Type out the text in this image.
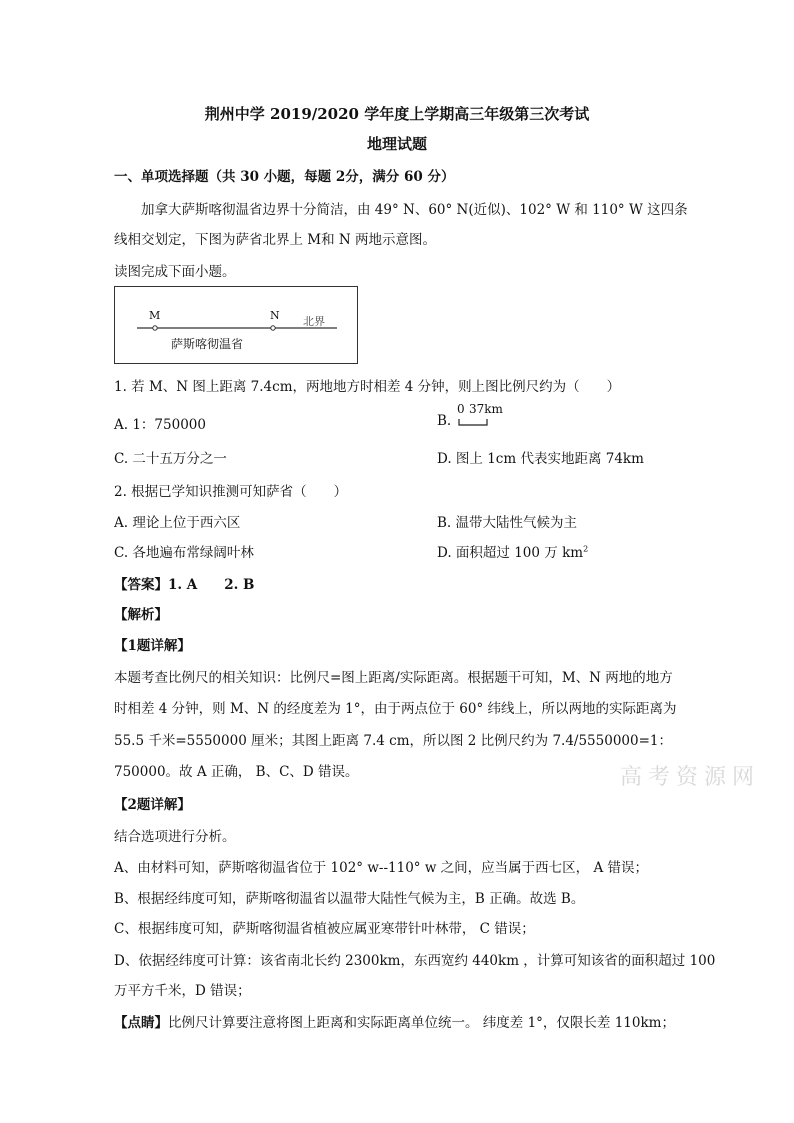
荆州中学 2019/2020 学年度上学期高三年级第三次考试
地理试题
一、单项选择题（共 30 小题，每题 2分，满分 60 分）
加拿大萨斯喀彻温省边界十分简洁，由 49° N、60° N(近似)、102° W 和 110° W 这四条
线相交划定，下图为萨省北界上 M和 N 两地示意图。
读图完成下面小题。
M	N 北界
萨斯喀彻温省
1. 若 M、N 图上距离 7.4cm，两地地方时相差 4 分钟，则上图比例尺约为（　　）
A. 1：750000	B.
0 37km
C. 二十五万分之一	D. 图上 1cm 代表实地距离 74km
2. 根据已学知识推测可知萨省（　　）
A. 理论上位于西六区	B. 温带大陆性气候为主
C. 各地遍布常绿阔叶林	D. 面积超过 100 万 $km^2$
【答案】1. A　　2. B
【解析】
【1题详解】
本题考查比例尺的相关知识：比例尺=图上距离/实际距离。根据题干可知，M、N 两地的地方
时相差 4 分钟，则 M、N 的经度差为 1°，由于两点位于 60° 纬线上，所以两地的实际距离为
55.5 千米=5550000 厘米；其图上距离 7.4 cm，所以图 2 比例尺约为 7.4/5550000=1：
750000。故 A 正确， B、C、D 错误。
【2题详解】
结合选项进行分析。
A、由材料可知，萨斯喀彻温省位于 102° w--110° w 之间，应当属于西七区， A 错误；
B、根据经纬度可知，萨斯喀彻温省以温带大陆性气候为主，B 正确。故选 B。
C、根据纬度可知，萨斯喀彻温省植被应属亚寒带针叶林带， C 错误；
D、依据经纬度可计算：该省南北长约 2300km，东西宽约 440km ，计算可知该省的面积超过 100
万平方千米，D 错误；
【点睛】比例尺计算要注意将图上距离和实际距离单位统一。 纬度差 1°，仅限长差 110km；
高考资源网
